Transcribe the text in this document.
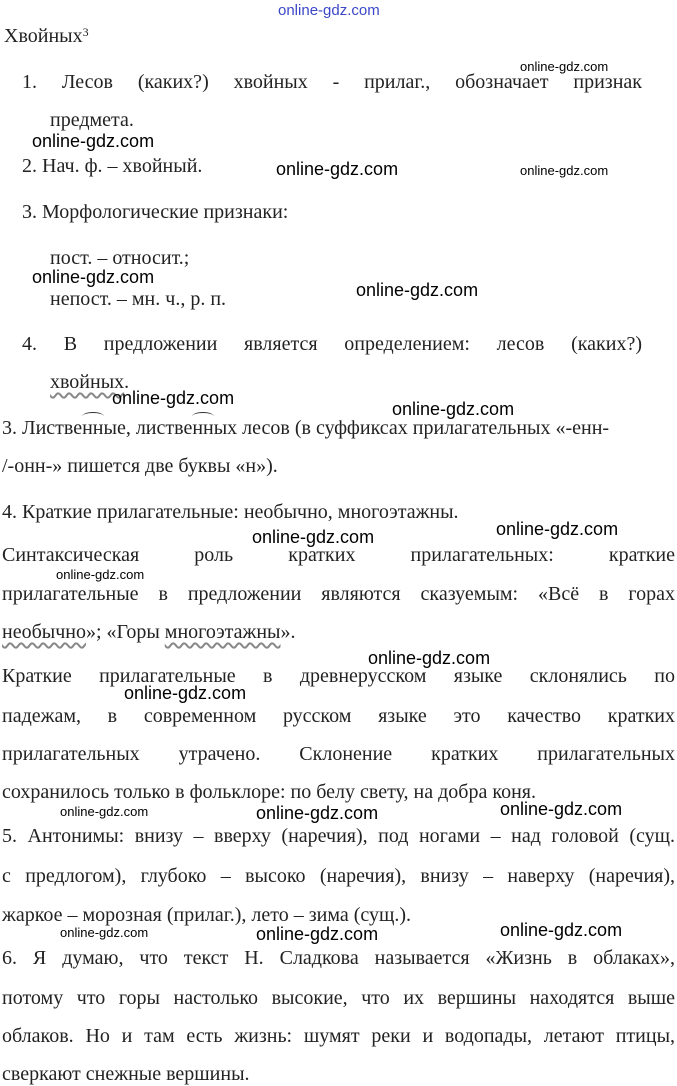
online-gdz.com
Хвойных$^3$
1. Лесов (каких?) хвойных - прилаг., обозначает признак
предмета.
2. Нач. ф. – хвойный.
3. Морфологические признаки:
пост. – относит.;
непост. – мн. ч., р. п.
4. В предложении является определением: лесов (каких?)
хвойных.
3. Лиственные, лиственных лесов (в суффиксах прилагательных «-енн-
/-онн-» пишется две буквы «н»).
4. Краткие прилагательные: необычно, многоэтажны.
Синтаксическая роль кратких прилагательных: краткие
прилагательные в предложении являются сказуемым: «Всё в горах
необычно»; «Горы многоэтажны».
Краткие прилагательные в древнерусском языке склонялись по
падежам, в современном русском языке это качество кратких
прилагательных утрачено. Склонение кратких прилагательных
сохранилось только в фольклоре: по белу свету, на добра коня.
5. Антонимы: внизу – вверху (наречия), под ногами – над головой (сущ.
с предлогом), глубоко – высоко (наречия), внизу – наверху (наречия),
жаркое – морозная (прилаг.), лето – зима (сущ.).
6. Я думаю, что текст Н. Сладкова называется «Жизнь в облаках»,
потому что горы настолько высокие, что их вершины находятся выше
облаков. Но и там есть жизнь: шумят реки и водопады, летают птицы,
сверкают снежные вершины.
online-gdz.com
online-gdz.com
online-gdz.com	online-gdz.com
online-gdz.com
online-gdz.com
online-gdz.com
online-gdz.com
online-gdz.com
online-gdz.com
online-gdz.com
online-gdz.com
online-gdz.com
online-gdz.com	online-gdz.com	online-gdz.com
online-gdz.com	online-gdz.com	online-gdz.com
